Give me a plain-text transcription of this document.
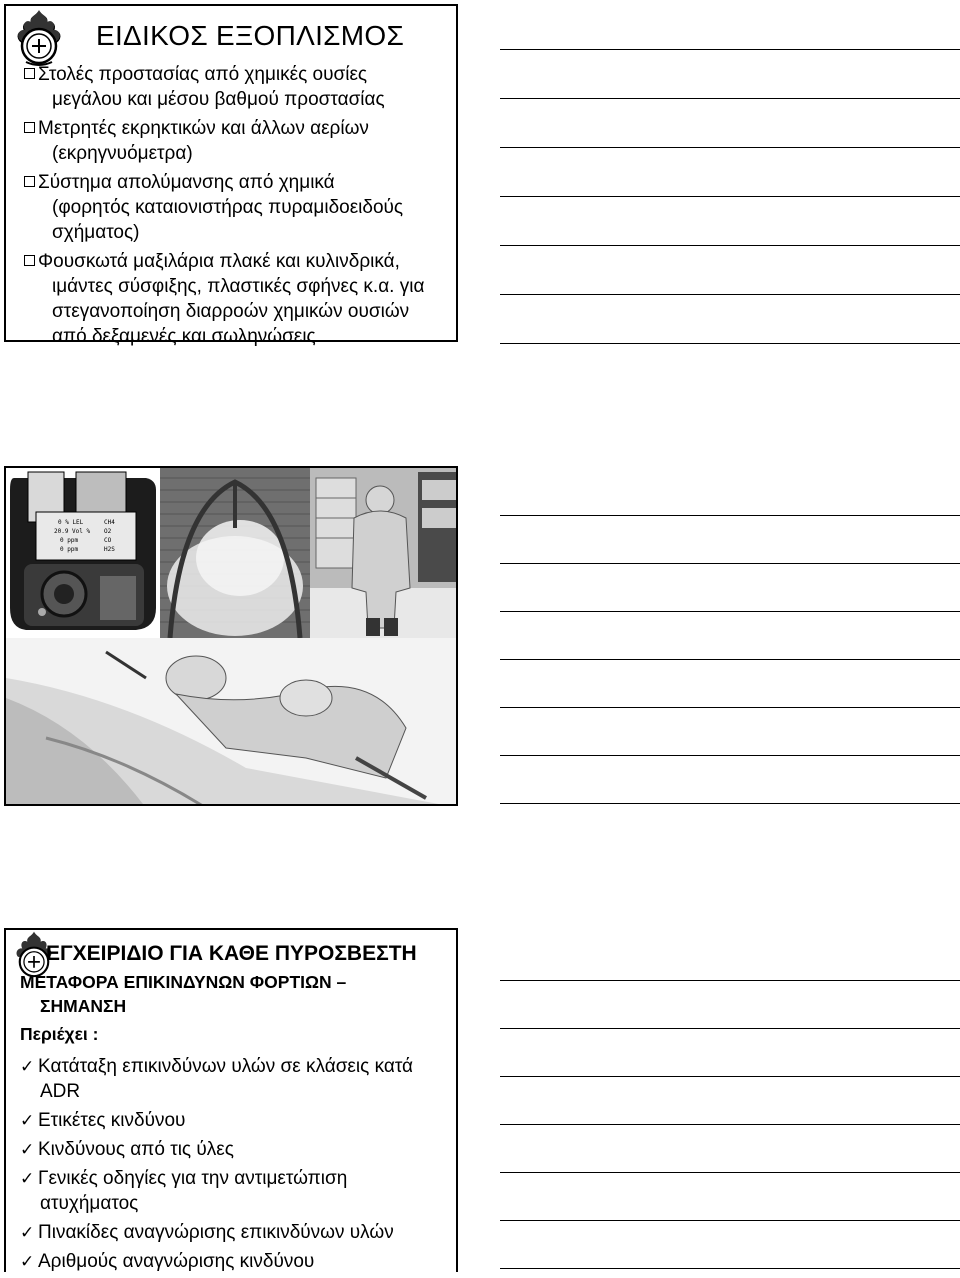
ΕΙΔΙΚΟΣ ΕΞΟΠΛΙΣΜΟΣ
Στολές προστασίας από χημικές ουσίες
μεγάλου και μέσου βαθμού προστασίας
Μετρητές εκρηκτικών και άλλων αερίων
(εκρηγνυόμετρα)
Σύστημα απολύμανσης από χημικά
(φορητός καταιονιστήρας πυραμιδοειδούς
σχήματος)
Φουσκωτά μαξιλάρια πλακέ και κυλινδρικά,
ιμάντες σύσφιξης, πλαστικές σφήνες κ.α. για
στεγανοποίηση διαρροών χημικών ουσιών
από δεξαμενές και σωληνώσεις
0 % LEL
20.9 Vol %
0 ppm
0 ppm
CH4
O2
CO
H2S
ΕΓΧΕΙΡΙΔΙΟ ΓΙΑ ΚΑΘΕ ΠΥΡΟΣΒΕΣΤΗ
ΜΕΤΑΦΟΡΑ ΕΠΙΚΙΝΔΥΝΩΝ ΦΟΡΤΙΩΝ –
ΣΗΜΑΝΣΗ
Περιέχει :
✓ Κατάταξη επικινδύνων υλών σε κλάσεις κατά
ADR
✓ Ετικέτες κινδύνου
✓ Κινδύνους από τις ύλες
✓ Γενικές οδηγίες για την αντιμετώπιση
ατυχήματος
✓ Πινακίδες αναγνώρισης επικινδύνων υλών
✓ Αριθμούς αναγνώρισης κινδύνου
